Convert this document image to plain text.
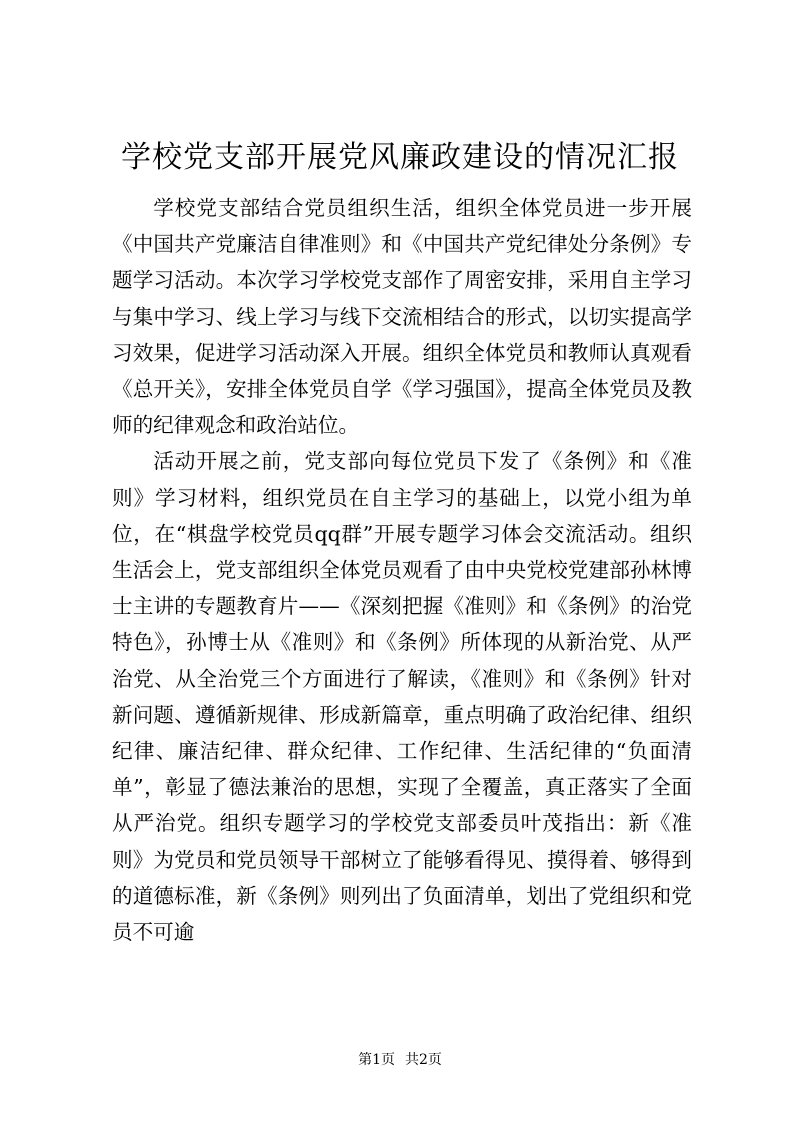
学校党支部开展党风廉政建设的情况汇报

学校党支部结合党员组织生活，组织全体党员进一步开展《中国共产党廉洁自律准则》和《中国共产党纪律处分条例》专题学习活动。本次学习学校党支部作了周密安排，采用自主学习与集中学习、线上学习与线下交流相结合的形式，以切实提高学习效果，促进学习活动深入开展。组织全体党员和教师认真观看《总开关》，安排全体党员自学《学习强国》，提高全体党员及教师的纪律观念和政治站位。

活动开展之前，党支部向每位党员下发了《条例》和《准则》学习材料，组织党员在自主学习的基础上，以党小组为单位，在“棋盘学校党员qq群”开展专题学习体会交流活动。组织生活会上，党支部组织全体党员观看了由中央党校党建部孙林博士主讲的专题教育片——《深刻把握《准则》和《条例》的治党特色》，孙博士从《准则》和《条例》所体现的从新治党、从严治党、从全治党三个方面进行了解读，《准则》和《条例》针对新问题、遵循新规律、形成新篇章，重点明确了政治纪律、组织纪律、廉洁纪律、群众纪律、工作纪律、生活纪律的“负面清单”，彰显了德法兼治的思想，实现了全覆盖，真正落实了全面从严治党。组织专题学习的学校党支部委员叶茂指出：新《准则》为党员和党员领导干部树立了能够看得见、摸得着、够得到的道德标准，新《条例》则列出了负面清单，划出了党组织和党员不可逾

第1页 共2页
